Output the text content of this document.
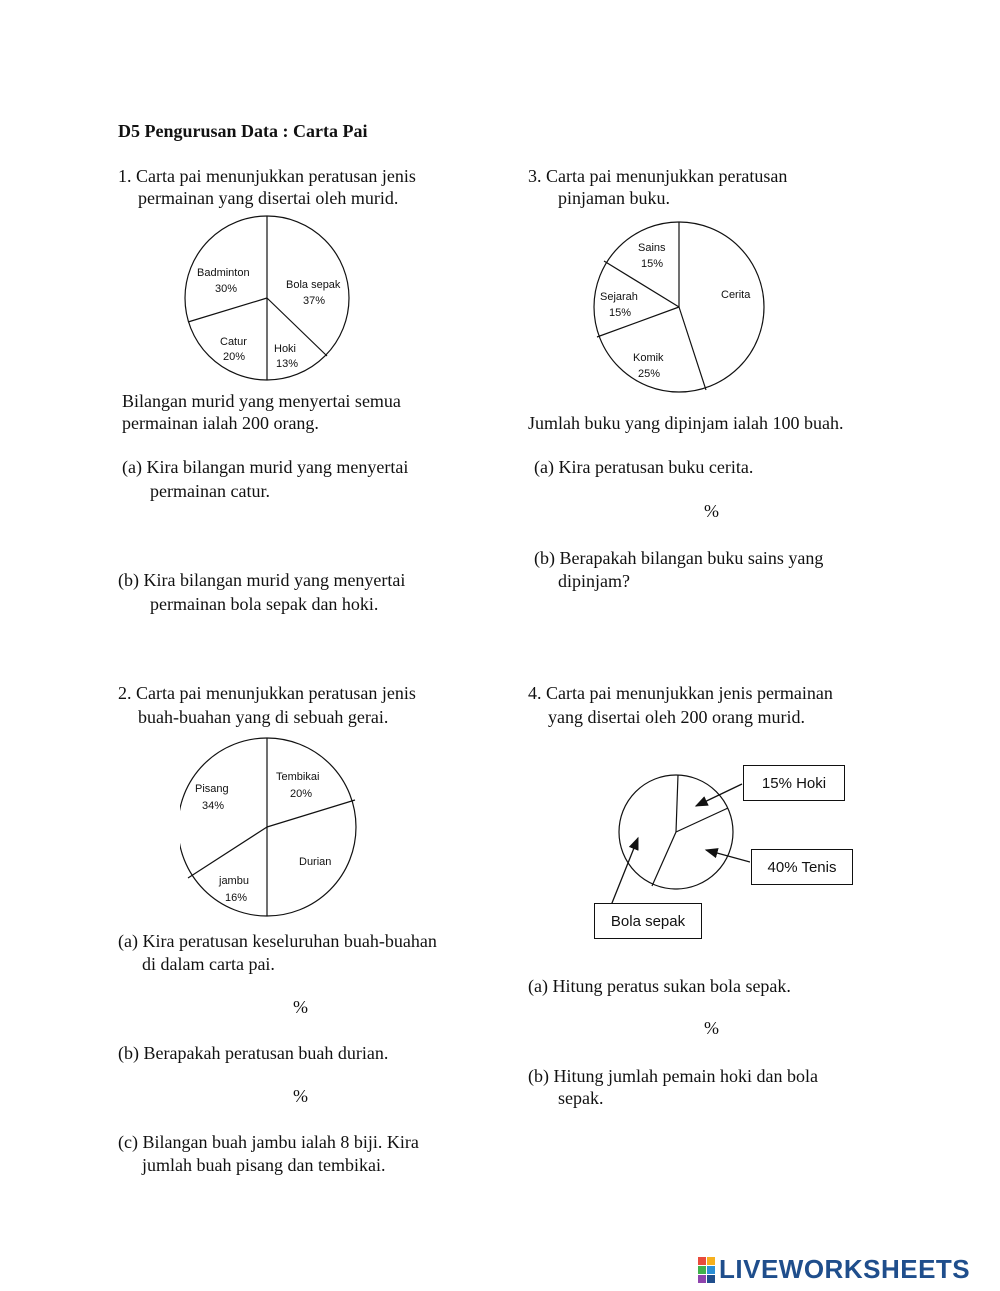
D5 Pengurusan Data : Carta Pai
1. Carta pai menunjukkan peratusan jenis
permainan yang disertai oleh murid.
Badminton
30%	Bola sepak
37%
Catur
20%
Hoki
13%
Bilangan murid yang menyertai semua
permainan ialah 200 orang.
(a) Kira bilangan murid yang menyertai
permainan catur.
(b) Kira bilangan murid yang menyertai
permainan bola sepak dan hoki.
2. Carta pai menunjukkan peratusan jenis
buah-buahan yang di sebuah gerai.
Pisang
34%
Tembikai
20%
Durian
jambu
16%
(a) Kira peratusan keseluruhan buah-buahan
di dalam carta pai.
%
(b) Berapakah peratusan buah durian.
%
(c) Bilangan buah jambu ialah 8 biji. Kira
jumlah buah pisang dan tembikai.
3. Carta pai menunjukkan peratusan
pinjaman buku.
Sains
15%
Cerita
Sejarah
15%
Komik
25%
Jumlah buku yang dipinjam ialah 100 buah.
(a) Kira peratusan buku cerita.
%
(b) Berapakah bilangan buku sains yang
dipinjam?
4. Carta pai menunjukkan jenis permainan
yang disertai oleh 200 orang murid.
15% Hoki
40% Tenis
Bola sepak
(a) Hitung peratus sukan bola sepak.
%
(b) Hitung jumlah pemain hoki dan bola
sepak.
LIVEWORKSHEETS
